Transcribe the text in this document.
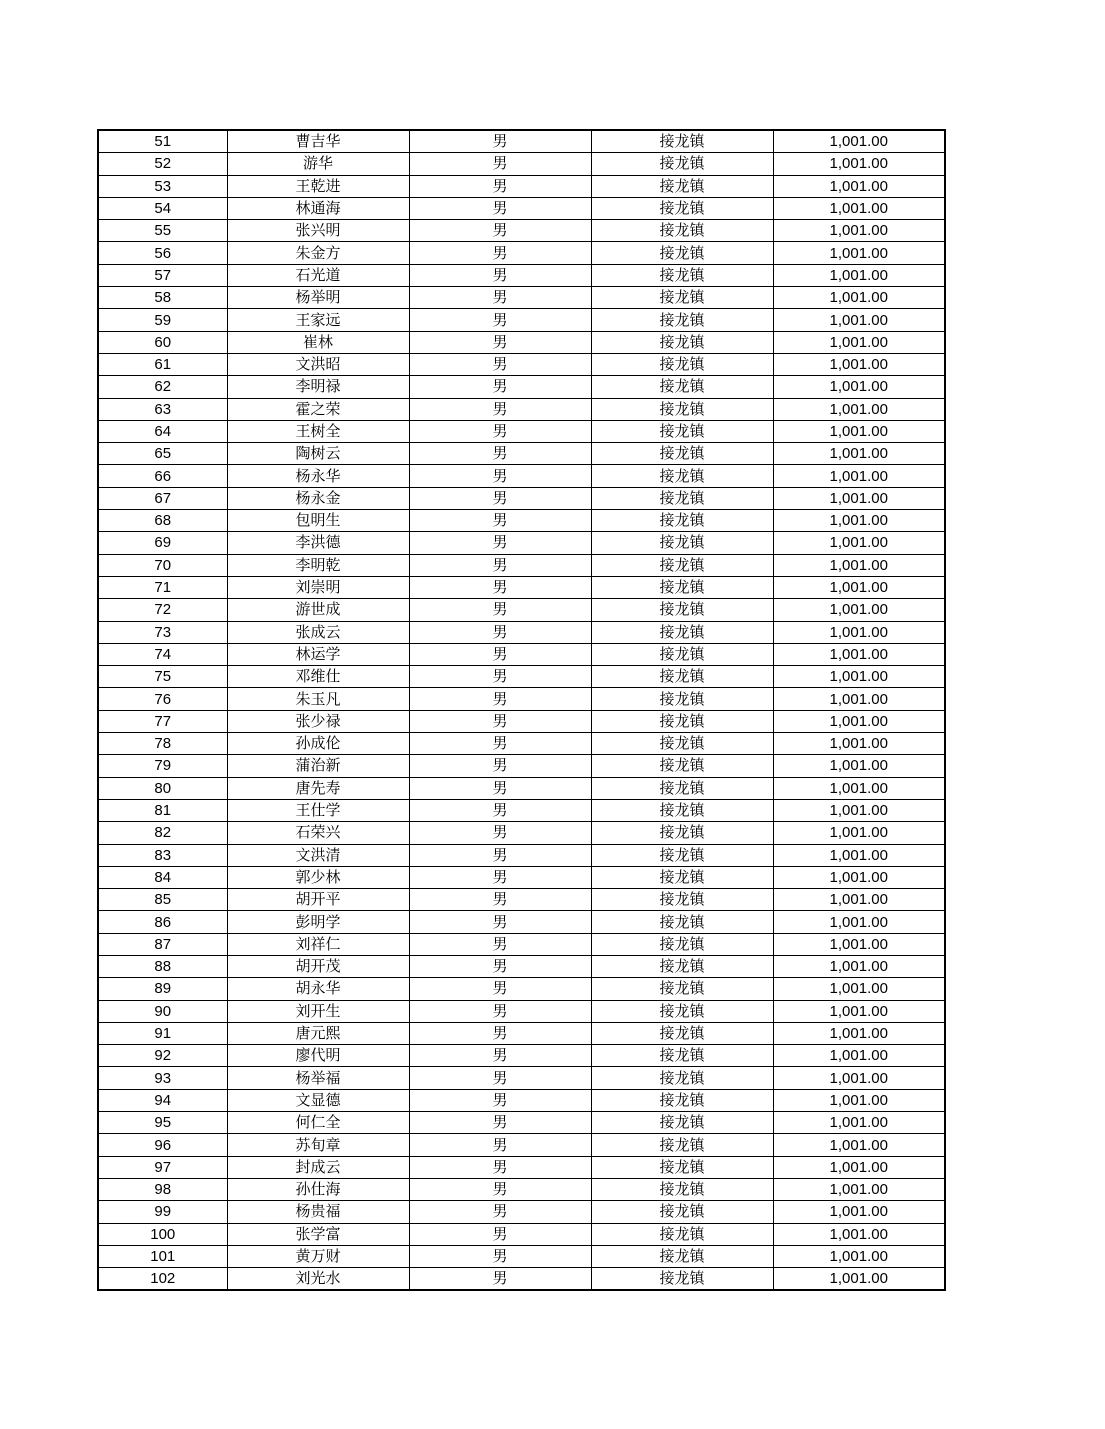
51	曹吉华	男	接龙镇	1,001.00
52	游华	男	接龙镇	1,001.00
53	王乾进	男	接龙镇	1,001.00
54	林通海	男	接龙镇	1,001.00
55	张兴明	男	接龙镇	1,001.00
56	朱金方	男	接龙镇	1,001.00
57	石光道	男	接龙镇	1,001.00
58	杨举明	男	接龙镇	1,001.00
59	王家远	男	接龙镇	1,001.00
60	崔林	男	接龙镇	1,001.00
61	文洪昭	男	接龙镇	1,001.00
62	李明禄	男	接龙镇	1,001.00
63	霍之荣	男	接龙镇	1,001.00
64	王树全	男	接龙镇	1,001.00
65	陶树云	男	接龙镇	1,001.00
66	杨永华	男	接龙镇	1,001.00
67	杨永金	男	接龙镇	1,001.00
68	包明生	男	接龙镇	1,001.00
69	李洪德	男	接龙镇	1,001.00
70	李明乾	男	接龙镇	1,001.00
71	刘崇明	男	接龙镇	1,001.00
72	游世成	男	接龙镇	1,001.00
73	张成云	男	接龙镇	1,001.00
74	林运学	男	接龙镇	1,001.00
75	邓维仕	男	接龙镇	1,001.00
76	朱玉凡	男	接龙镇	1,001.00
77	张少禄	男	接龙镇	1,001.00
78	孙成伦	男	接龙镇	1,001.00
79	蒲治新	男	接龙镇	1,001.00
80	唐先寿	男	接龙镇	1,001.00
81	王仕学	男	接龙镇	1,001.00
82	石荣兴	男	接龙镇	1,001.00
83	文洪清	男	接龙镇	1,001.00
84	郭少林	男	接龙镇	1,001.00
85	胡开平	男	接龙镇	1,001.00
86	彭明学	男	接龙镇	1,001.00
87	刘祥仁	男	接龙镇	1,001.00
88	胡开茂	男	接龙镇	1,001.00
89	胡永华	男	接龙镇	1,001.00
90	刘开生	男	接龙镇	1,001.00
91	唐元熙	男	接龙镇	1,001.00
92	廖代明	男	接龙镇	1,001.00
93	杨举福	男	接龙镇	1,001.00
94	文显德	男	接龙镇	1,001.00
95	何仁全	男	接龙镇	1,001.00
96	苏旬章	男	接龙镇	1,001.00
97	封成云	男	接龙镇	1,001.00
98	孙仕海	男	接龙镇	1,001.00
99	杨贵福	男	接龙镇	1,001.00
100	张学富	男	接龙镇	1,001.00
101	黄万财	男	接龙镇	1,001.00
102	刘光水	男	接龙镇	1,001.00
